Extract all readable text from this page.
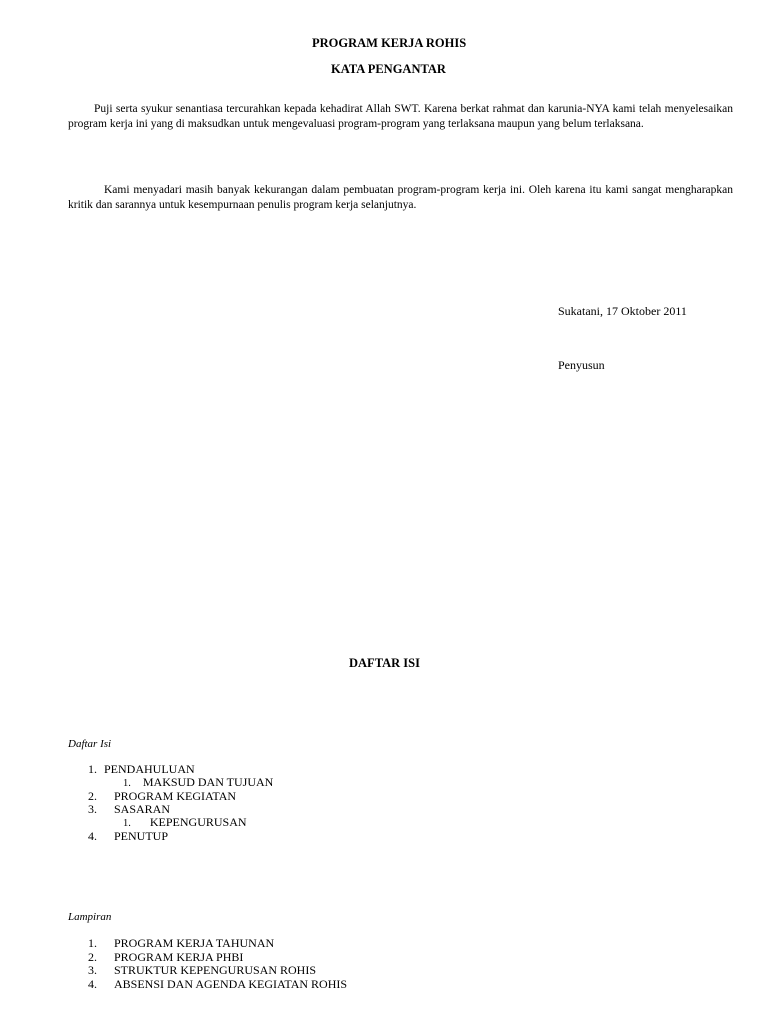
PROGRAM KERJA ROHIS
KATA PENGANTAR

Puji serta syukur senantiasa tercurahkan kepada kehadirat Allah SWT. Karena berkat rahmat dan karunia-NYA kami telah menyelesaikan program kerja ini yang di maksudkan untuk mengevaluasi program-program yang terlaksana maupun yang belum terlaksana.

Kami menyadari masih banyak kekurangan dalam pembuatan program-program kerja ini. Oleh karena itu kami sangat mengharapkan kritik dan sarannya untuk kesempurnaan penulis program kerja selanjutnya.

Sukatani, 17 Oktober 2011
Penyusun
DAFTAR ISI
Daftar Isi
1. PENDAHULUAN
1. MAKSUD DAN TUJUAN
2. PROGRAM KEGIATAN
3. SASARAN
1. KEPENGURUSAN
4. PENUTUP
Lampiran
1. PROGRAM KERJA TAHUNAN
2. PROGRAM KERJA PHBI
3. STRUKTUR KEPENGURUSAN ROHIS
4. ABSENSI DAN AGENDA KEGIATAN ROHIS
